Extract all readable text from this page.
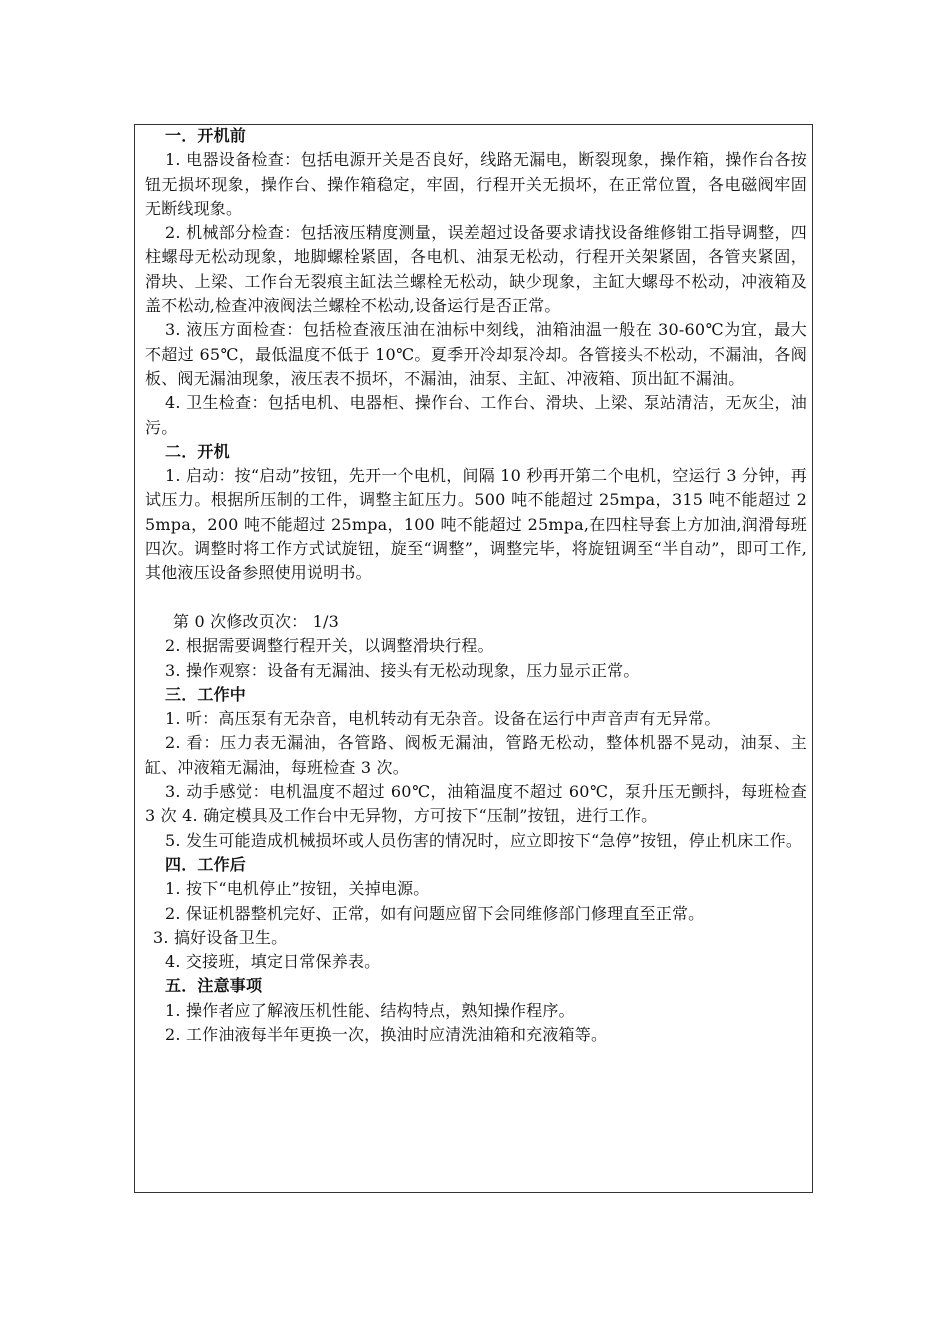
一．开机前

1. 电器设备检查：包括电源开关是否良好，线路无漏电，断裂现象，操作箱，操作台各按钮无损坏现象，操作台、操作箱稳定，牢固，行程开关无损坏，在正常位置，各电磁阀牢固无断线现象。

2. 机械部分检查：包括液压精度测量，误差超过设备要求请找设备维修钳工指导调整，四柱螺母无松动现象，地脚螺栓紧固，各电机、油泵无松动，行程开关架紧固，各管夹紧固，滑块、上梁、工作台无裂痕主缸法兰螺栓无松动，缺少现象，主缸大螺母不松动，冲液箱及盖不松动,检查冲液阀法兰螺栓不松动,设备运行是否正常。

3. 液压方面检查：包括检查液压油在油标中刻线，油箱油温一般在 30-60℃为宜，最大不超过 65℃，最低温度不低于 10℃。夏季开冷却泵冷却。各管接头不松动，不漏油，各阀板、阀无漏油现象，液压表不损坏，不漏油，油泵、主缸、冲液箱、顶出缸不漏油。

4. 卫生检查：包括电机、电器柜、操作台、工作台、滑块、上梁、泵站清洁，无灰尘，油污。

二．开机

1. 启动：按“启动”按钮，先开一个电机，间隔 10 秒再开第二个电机，空运行 3 分钟，再试压力。根据所压制的工件，调整主缸压力。500 吨不能超过 25mpa，315 吨不能超过 25mpa，200 吨不能超过 25mpa，100 吨不能超过 25mpa,在四柱导套上方加油,润滑每班四次。调整时将工作方式试旋钮，旋至“调整”，调整完毕，将旋钮调至“半自动”，即可工作,其他液压设备参照使用说明书。

第 0 次修改页次： 1/3

2. 根据需要调整行程开关，以调整滑块行程。

3. 操作观察：设备有无漏油、接头有无松动现象，压力显示正常。

三．工作中

1. 听：高压泵有无杂音，电机转动有无杂音。设备在运行中声音声有无异常。

2. 看：压力表无漏油，各管路、阀板无漏油，管路无松动，整体机器不晃动，油泵、主缸、冲液箱无漏油，每班检查 3 次。

3. 动手感觉：电机温度不超过 60℃，油箱温度不超过 60℃，泵升压无颤抖，每班检查 3 次 4. 确定模具及工作台中无异物，方可按下“压制”按钮，进行工作。

5. 发生可能造成机械损坏或人员伤害的情况时，应立即按下“急停”按钮，停止机床工作。

四．工作后

1. 按下“电机停止”按钮，关掉电源。

2. 保证机器整机完好、正常，如有问题应留下会同维修部门修理直至正常。

3. 搞好设备卫生。

4. 交接班，填定日常保养表。

五．注意事项

1. 操作者应了解液压机性能、结构特点，熟知操作程序。

2. 工作油液每半年更换一次，换油时应清洗油箱和充液箱等。
